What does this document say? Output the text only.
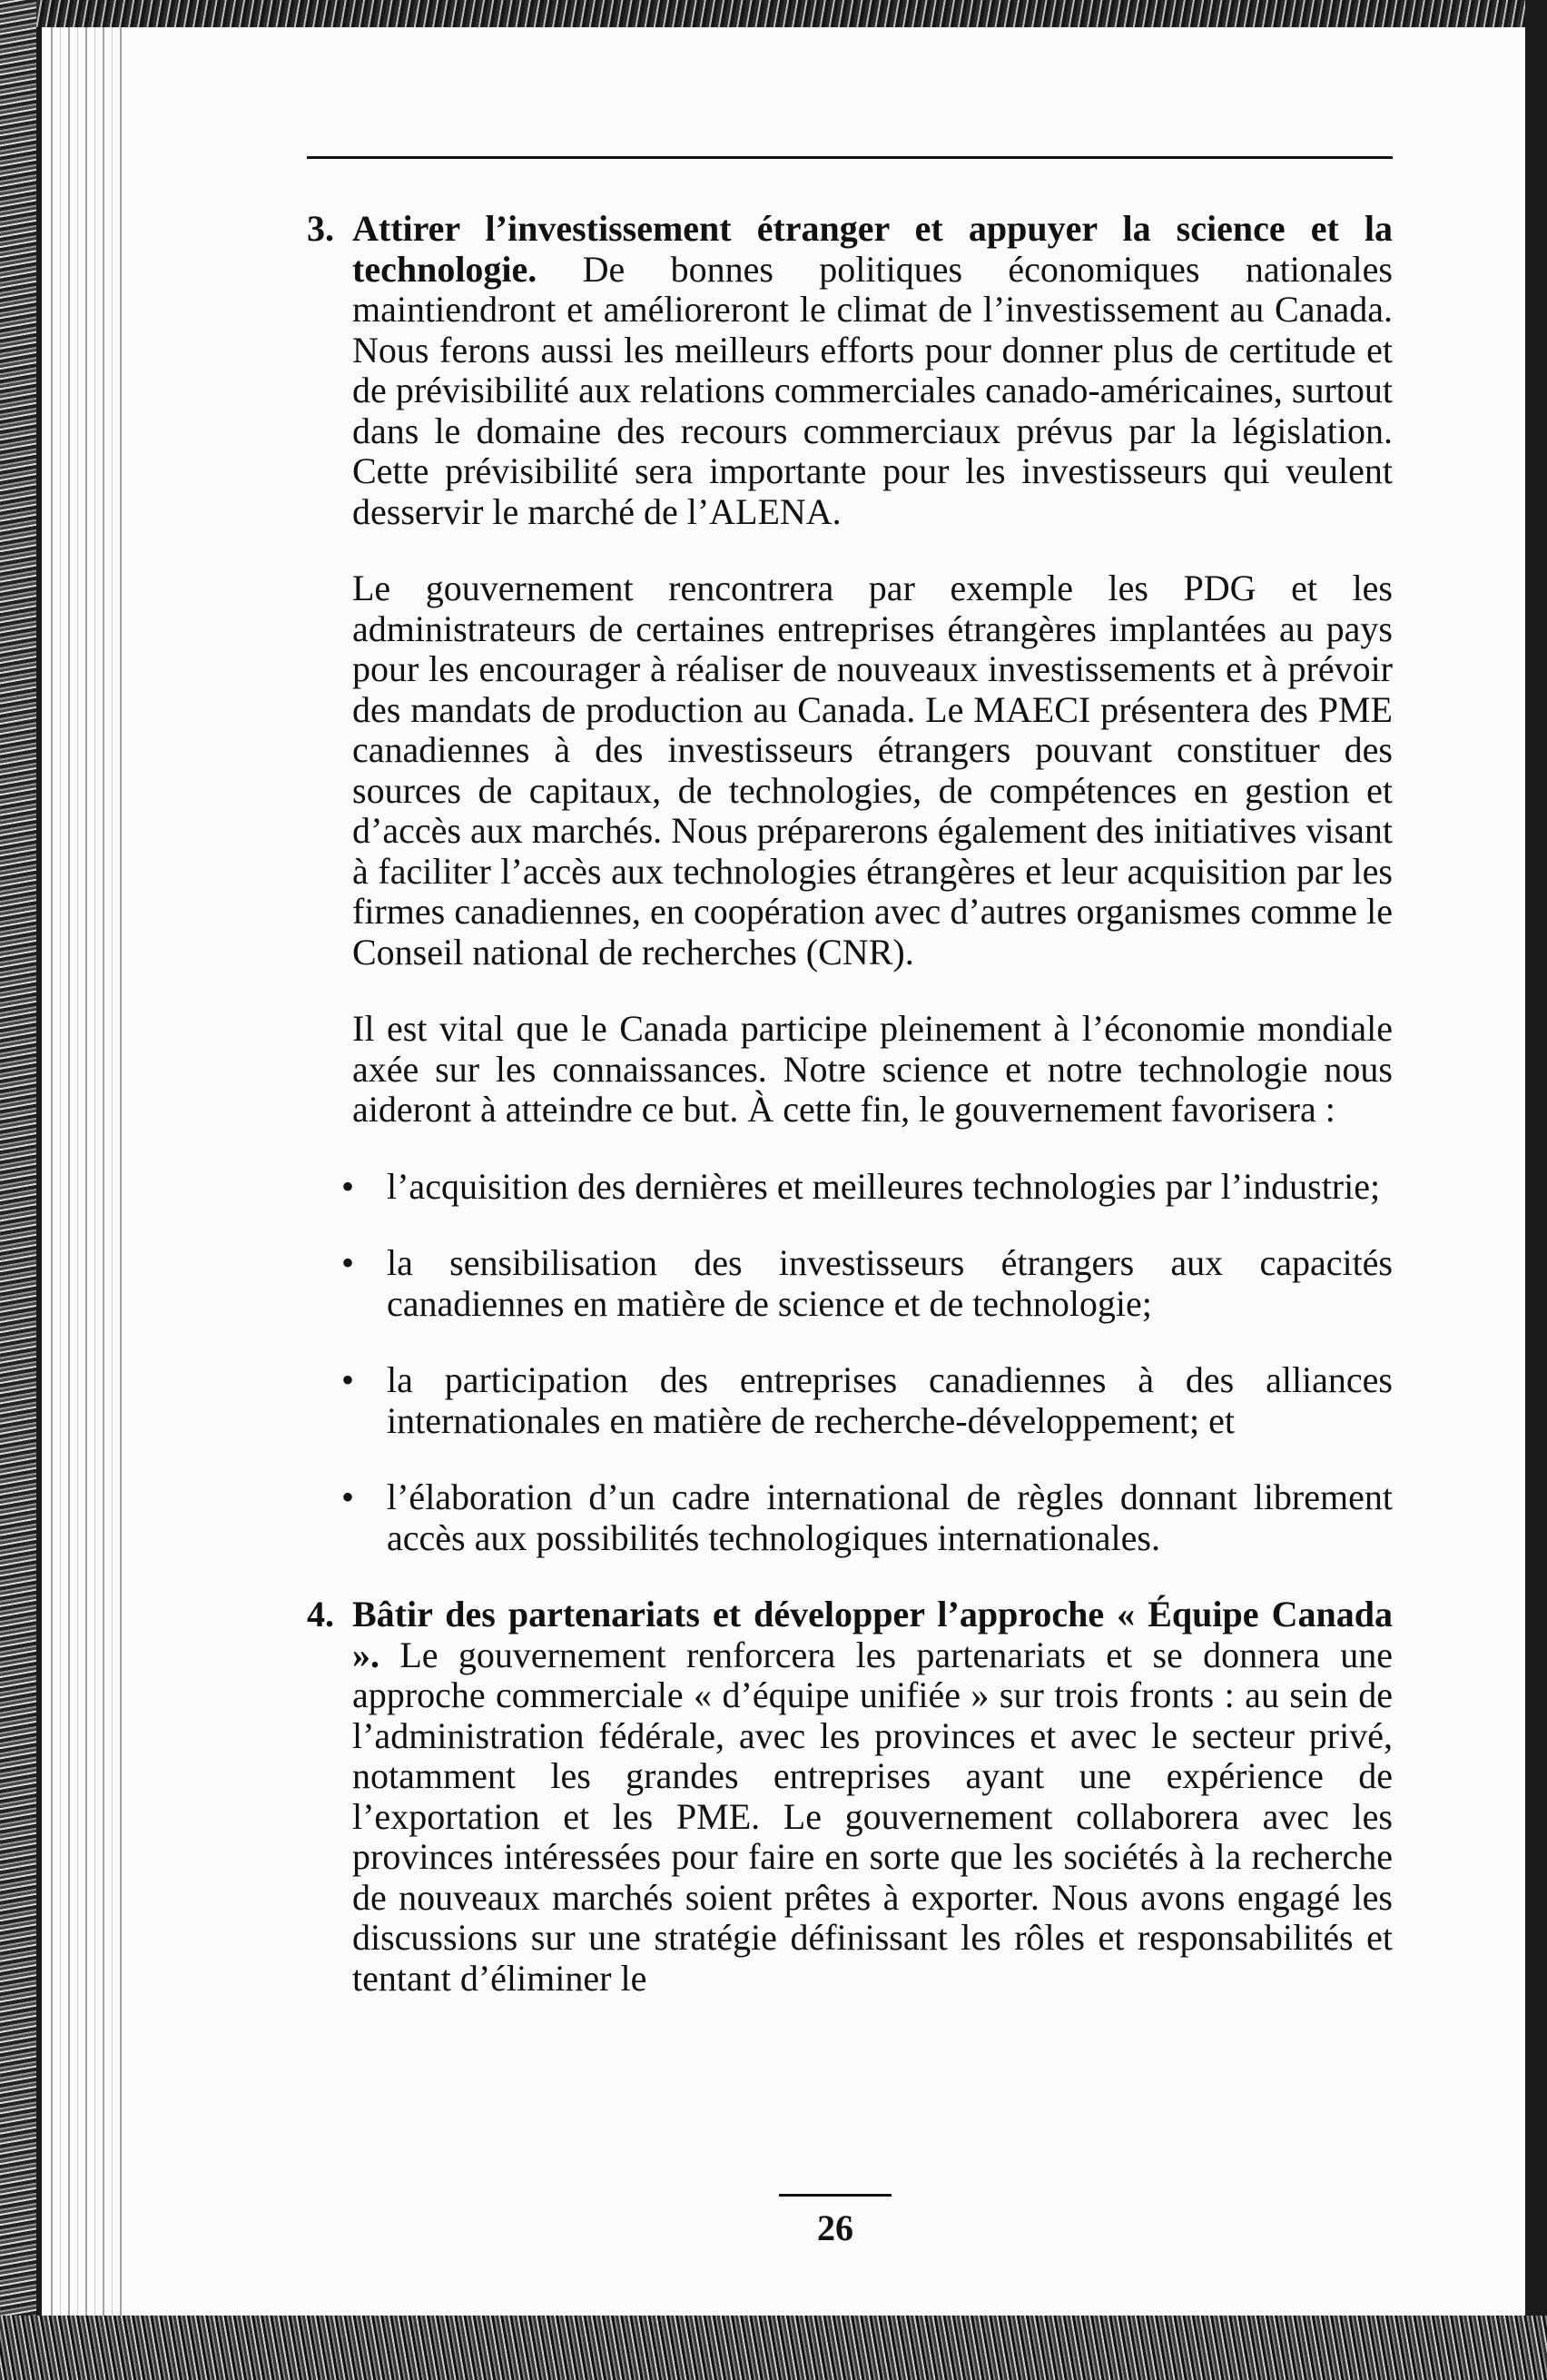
3. Attirer l’investissement étranger et appuyer la science et la technologie. De bonnes politiques économiques nationales maintiendront et amélioreront le climat de l’investissement au Canada. Nous ferons aussi les meilleurs efforts pour donner plus de certitude et de prévisibilité aux relations commerciales canado-américaines, surtout dans le domaine des recours commerciaux prévus par la législation. Cette prévisibilité sera importante pour les investisseurs qui veulent desservir le marché de l’ALENA.
Le gouvernement rencontrera par exemple les PDG et les administrateurs de certaines entreprises étrangères implantées au pays pour les encourager à réaliser de nouveaux investissements et à prévoir des mandats de production au Canada. Le MAECI présentera des PME canadiennes à des investisseurs étrangers pouvant constituer des sources de capitaux, de technologies, de compétences en gestion et d’accès aux marchés. Nous préparerons également des initiatives visant à faciliter l’accès aux technologies étrangères et leur acquisition par les firmes canadiennes, en coopération avec d’autres organismes comme le Conseil national de recherches (CNR).
Il est vital que le Canada participe pleinement à l’économie mondiale axée sur les connaissances. Notre science et notre technologie nous aideront à atteindre ce but. À cette fin, le gouvernement favorisera :
• l’acquisition des dernières et meilleures technologies par l’industrie;
• la sensibilisation des investisseurs étrangers aux capacités canadiennes en matière de science et de technologie;
• la participation des entreprises canadiennes à des alliances internationales en matière de recherche-développement; et
• l’élaboration d’un cadre international de règles donnant librement accès aux possibilités technologiques internationales.
4. Bâtir des partenariats et développer l’approche « Équipe Canada ». Le gouvernement renforcera les partenariats et se donnera une approche commerciale « d’équipe unifiée » sur trois fronts : au sein de l’administration fédérale, avec les provinces et avec le secteur privé, notamment les grandes entreprises ayant une expérience de l’exportation et les PME. Le gouvernement collaborera avec les provinces intéressées pour faire en sorte que les sociétés à la recherche de nouveaux marchés soient prêtes à exporter. Nous avons engagé les discussions sur une stratégie définissant les rôles et responsabilités et tentant d’éliminer le
26
